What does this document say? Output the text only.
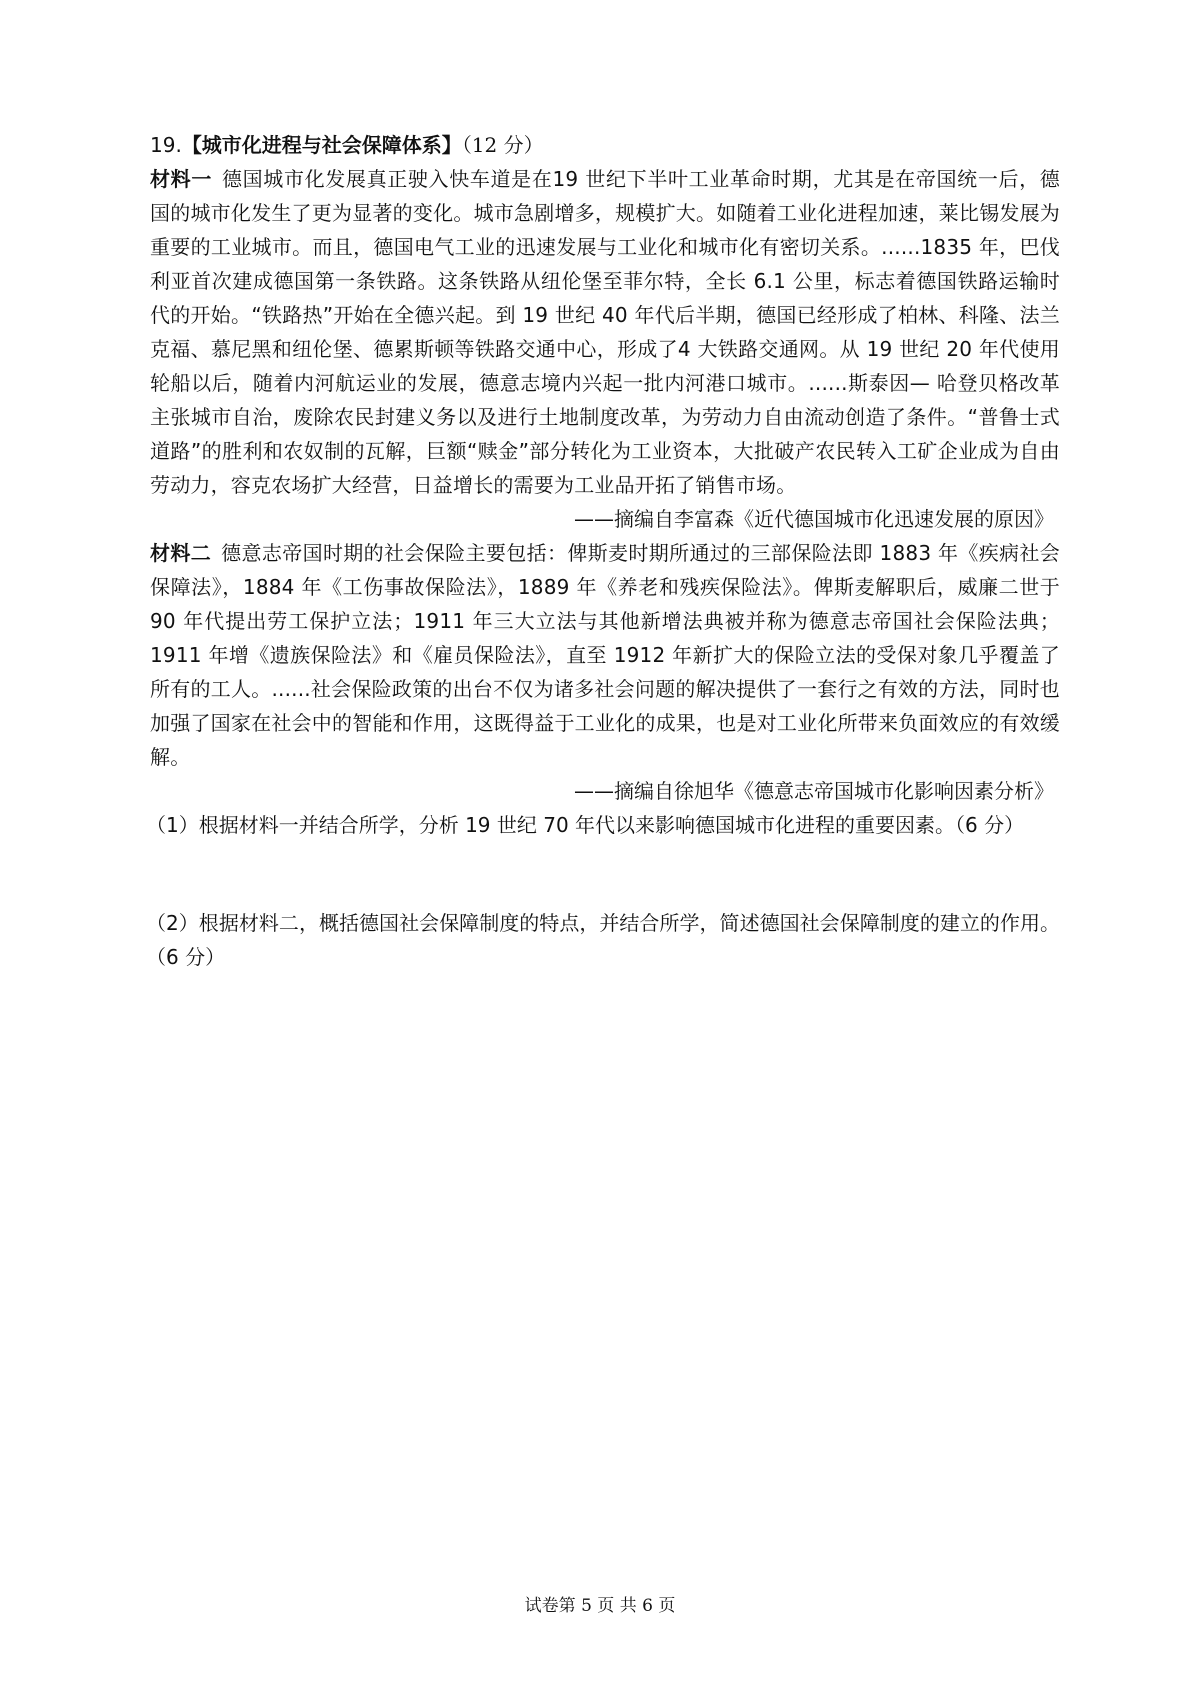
19.【城市化进程与社会保障体系】（12 分）
材料一 德国城市化发展真正驶入快车道是在19 世纪下半叶工业革命时期，尤其是在帝国统一后，德国的城市化发生了更为显著的变化。城市急剧增多，规模扩大。如随着工业化进程加速，莱比锡发展为重要的工业城市。而且，德国电气工业的迅速发展与工业化和城市化有密切关系。......1835 年，巴伐利亚首次建成德国第一条铁路。这条铁路从纽伦堡至菲尔特，全长 6.1 公里，标志着德国铁路运输时代的开始。“铁路热”开始在全德兴起。到 19 世纪 40 年代后半期，德国已经形成了柏林、科隆、法兰克福、慕尼黑和纽伦堡、德累斯顿等铁路交通中心，形成了4 大铁路交通网。从 19 世纪 20 年代使用轮船以后，随着内河航运业的发展，德意志境内兴起一批内河港口城市。......斯泰因— 哈登贝格改革主张城市自治，废除农民封建义务以及进行土地制度改革，为劳动力自由流动创造了条件。“普鲁士式道路”的胜利和农奴制的瓦解，巨额“赎金”部分转化为工业资本，大批破产农民转入工矿企业成为自由劳动力，容克农场扩大经营，日益增长的需要为工业品开拓了销售市场。
——摘编自李富森《近代德国城市化迅速发展的原因》
材料二 德意志帝国时期的社会保险主要包括：俾斯麦时期所通过的三部保险法即 1883 年《疾病社会保障法》，1884 年《工伤事故保险法》，1889 年《养老和残疾保险法》。俾斯麦解职后，威廉二世于 90 年代提出劳工保护立法；1911 年三大立法与其他新增法典被并称为德意志帝国社会保险法典；1911 年增《遗族保险法》和《雇员保险法》，直至 1912 年新扩大的保险立法的受保对象几乎覆盖了所有的工人。......社会保险政策的出台不仅为诸多社会问题的解决提供了一套行之有效的方法，同时也加强了国家在社会中的智能和作用，这既得益于工业化的成果，也是对工业化所带来负面效应的有效缓解。
——摘编自徐旭华《德意志帝国城市化影响因素分析》
（1）根据材料一并结合所学，分析 19 世纪 70 年代以来影响德国城市化进程的重要因素。（6 分）
（2）根据材料二，概括德国社会保障制度的特点，并结合所学，简述德国社会保障制度的建立的作用。（6 分）
试卷第 5 页 共 6 页
